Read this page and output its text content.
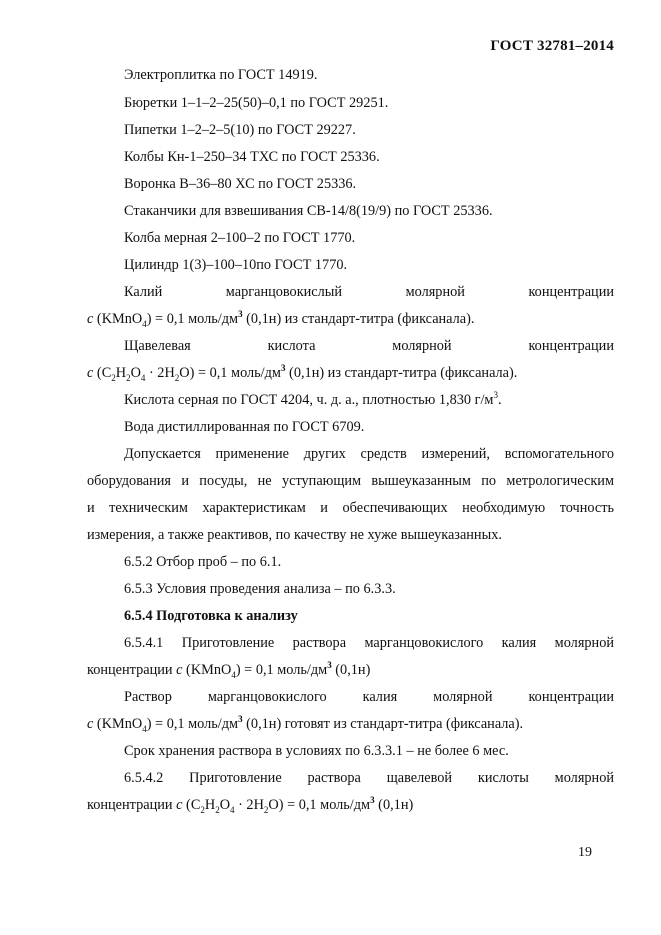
ГОСТ 32781–2014
Электроплитка по ГОСТ 14919.
Бюретки 1–1–2–25(50)–0,1 по ГОСТ 29251.
Пипетки 1–2–2–5(10) по ГОСТ 29227.
Колбы Кн-1–250–34 ТХС по ГОСТ 25336.
Воронка В–36–80 ХС по ГОСТ 25336.
Стаканчики для взвешивания СВ-14/8(19/9) по ГОСТ 25336.
Колба мерная 2–100–2 по ГОСТ 1770.
Цилиндр 1(3)–100–10по ГОСТ 1770.
Калий марганцовокислый молярной концентрации
с (KMnO$_4$) = 0,1 моль/$дм^3$ (0,1н) из стандарт-титра (фиксанала).
Щавелевая кислота молярной концентрации
с $(C_2H_2O_4 \cdot 2H_2O) = 0,1$ моль/$дм^3$ (0,1н) из стандарт-титра (фиксанала).
Кислота серная по ГОСТ 4204, ч. д. а., плотностью 1,830 $г/м^3$.
Вода дистиллированная по ГОСТ 6709.
Допускается применение других средств измерений, вспомогательного
оборудования и посуды, не уступающим вышеуказанным по метрологическим
и техническим характеристикам и обеспечивающих необходимую точность
измерения, а также реактивов, по качеству не хуже вышеуказанных.
6.5.2 Отбор проб – по 6.1.
6.5.3 Условия проведения анализа – по 6.3.3.
6.5.4 Подготовка к анализу
6.5.4.1 Приготовление раствора марганцовокислого калия молярной
концентрации с (KMnO$_4$) = 0,1 моль/$дм^3$ (0,1н)
Раствор марганцовокислого калия молярной концентрации
с (KMnO$_4$) = 0,1 моль/$дм^3$ (0,1н) готовят из стандарт-титра (фиксанала).
Срок хранения раствора в условиях по 6.3.3.1 – не более 6 мес.
6.5.4.2 Приготовление раствора щавелевой кислоты молярной
концентрации с $(C_2H_2O_4 \cdot 2H_2O) = 0,1$ моль/$дм^3$ (0,1н)
19
